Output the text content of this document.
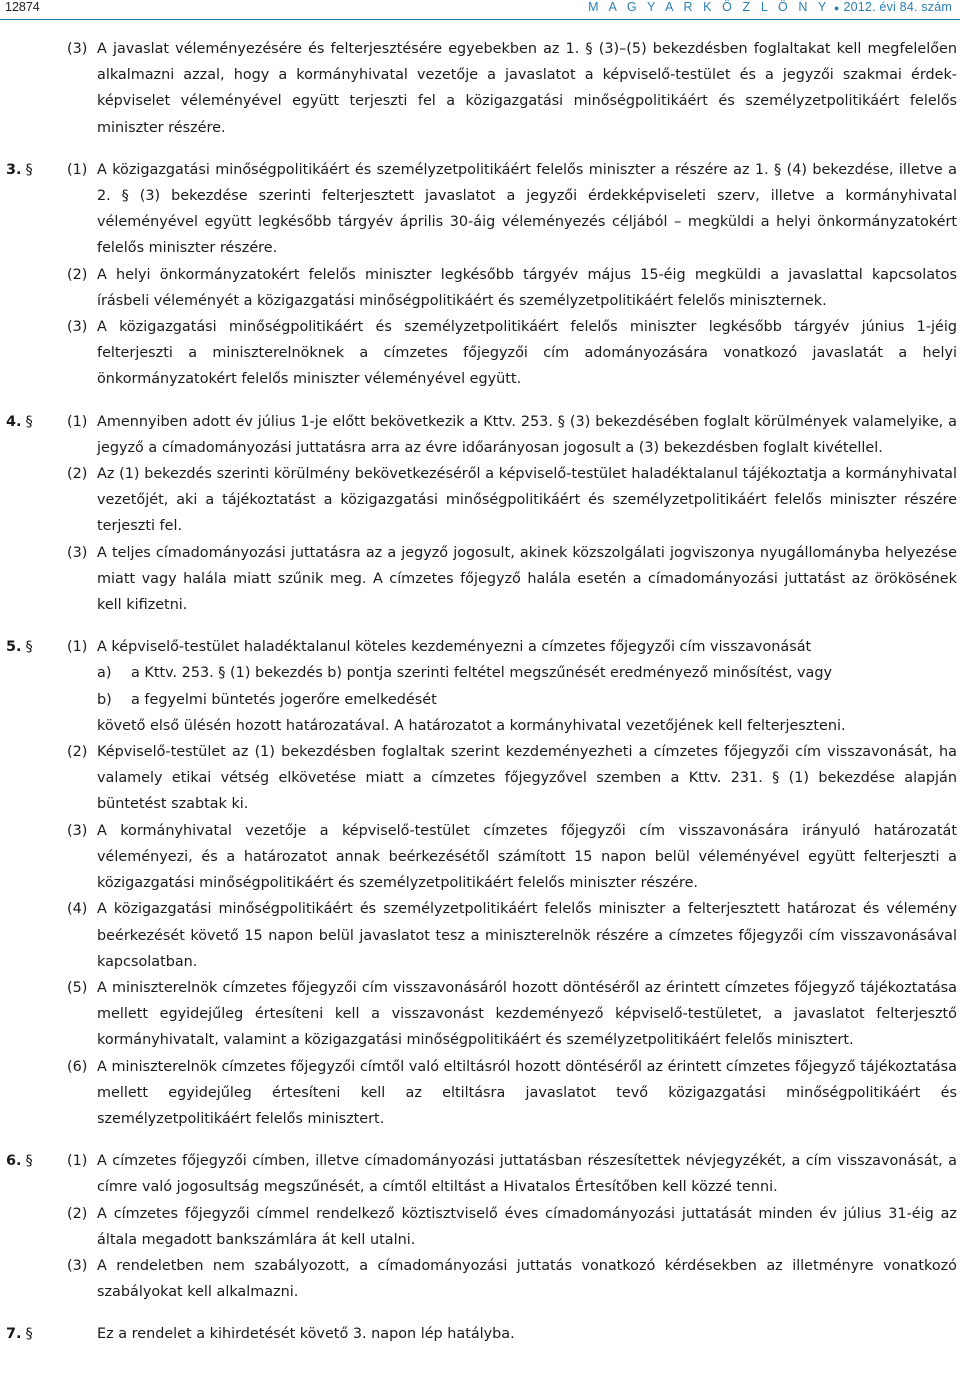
12874	M A G Y A R K Ö Z L Ö N Y ● 2012. évi 84. szám
(3) A javaslat véleményezésére és felterjesztésére egyebekben az 1. § (3)–(5) bekezdésben foglaltakat kell megfelelően alkalmazni azzal, hogy a kormányhivatal vezetője a javaslatot a képviselő-testület és a jegyzői szakmai érdek-képviselet véleményével együtt terjeszti fel a közigazgatási minőségpolitikáért és személyzetpolitikáért felelős miniszter részére.
3. §	(1) A közigazgatási minőségpolitikáért és személyzetpolitikáért felelős miniszter a részére az 1. § (4) bekezdése, illetve a 2. § (3) bekezdése szerinti felterjesztett javaslatot a jegyzői érdekképviseleti szerv, illetve a kormányhivatal véleményével együtt legkésőbb tárgyév április 30-áig véleményezés céljából – megküldi a helyi önkormányzatokért felelős miniszter részére.
(2) A helyi önkormányzatokért felelős miniszter legkésőbb tárgyév május 15-éig megküldi a javaslattal kapcsolatos írásbeli véleményét a közigazgatási minőségpolitikáért és személyzetpolitikáért felelős miniszternek.
(3) A közigazgatási minőségpolitikáért és személyzetpolitikáért felelős miniszter legkésőbb tárgyév június 1-jéig felterjeszti a miniszterelnöknek a címzetes főjegyzői cím adományozására vonatkozó javaslatát a helyi önkormányzatokért felelős miniszter véleményével együtt.
4. §	(1) Amennyiben adott év július 1-je előtt bekövetkezik a Kttv. 253. § (3) bekezdésében foglalt körülmények valamelyike, a jegyző a címadományozási juttatásra arra az évre időarányosan jogosult a (3) bekezdésben foglalt kivétellel.
(2) Az (1) bekezdés szerinti körülmény bekövetkezéséről a képviselő-testület haladéktalanul tájékoztatja a kormányhivatal vezetőjét, aki a tájékoztatást a közigazgatási minőségpolitikáért és személyzetpolitikáért felelős miniszter részére terjeszti fel.
(3) A teljes címadományozási juttatásra az a jegyző jogosult, akinek közszolgálati jogviszonya nyugállományba helyezése miatt vagy halála miatt szűnik meg. A címzetes főjegyző halála esetén a címadományozási juttatást az örökösének kell kifizetni.
5. §	(1) A képviselő-testület haladéktalanul köteles kezdeményezni a címzetes főjegyzői cím visszavonását
a) a Kttv. 253. § (1) bekezdés b) pontja szerinti feltétel megszűnését eredményező minősítést, vagy
b) a fegyelmi büntetés jogerőre emelkedését
követő első ülésén hozott határozatával. A határozatot a kormányhivatal vezetőjének kell felterjeszteni.
(2) Képviselő-testület az (1) bekezdésben foglaltak szerint kezdeményezheti a címzetes főjegyzői cím visszavonását, ha valamely etikai vétség elkövetése miatt a címzetes főjegyzővel szemben a Kttv. 231. § (1) bekezdése alapján büntetést szabtak ki.
(3) A kormányhivatal vezetője a képviselő-testület címzetes főjegyzői cím visszavonására irányuló határozatát véleményezi, és a határozatot annak beérkezésétől számított 15 napon belül véleményével együtt felterjeszti a közigazgatási minőségpolitikáért és személyzetpolitikáért felelős miniszter részére.
(4) A közigazgatási minőségpolitikáért és személyzetpolitikáért felelős miniszter a felterjesztett határozat és vélemény beérkezését követő 15 napon belül javaslatot tesz a miniszterelnök részére a címzetes főjegyzői cím visszavonásával kapcsolatban.
(5) A miniszterelnök címzetes főjegyzői cím visszavonásáról hozott döntéséről az érintett címzetes főjegyző tájékoztatása mellett egyidejűleg értesíteni kell a visszavonást kezdeményező képviselő-testületet, a javaslatot felterjesztő kormányhivatalt, valamint a közigazgatási minőségpolitikáért és személyzetpolitikáért felelős minisztert.
(6) A miniszterelnök címzetes főjegyzői címtől való eltiltásról hozott döntéséről az érintett címzetes főjegyző tájékoztatása mellett egyidejűleg értesíteni kell az eltiltásra javaslatot tevő közigazgatási minőségpolitikáért és személyzetpolitikáért felelős minisztert.
6. §	(1) A címzetes főjegyzői címben, illetve címadományozási juttatásban részesítettek névjegyzékét, a cím visszavonását, a címre való jogosultság megszűnését, a címtől eltiltást a Hivatalos Értesítőben kell közzé tenni.
(2) A címzetes főjegyzői címmel rendelkező köztisztviselő éves címadományozási juttatását minden év július 31-éig az általa megadott bankszámlára át kell utalni.
(3) A rendeletben nem szabályozott, a címadományozási juttatás vonatkozó kérdésekben az illetményre vonatkozó szabályokat kell alkalmazni.
7. §	Ez a rendelet a kihirdetését követő 3. napon lép hatályba.
